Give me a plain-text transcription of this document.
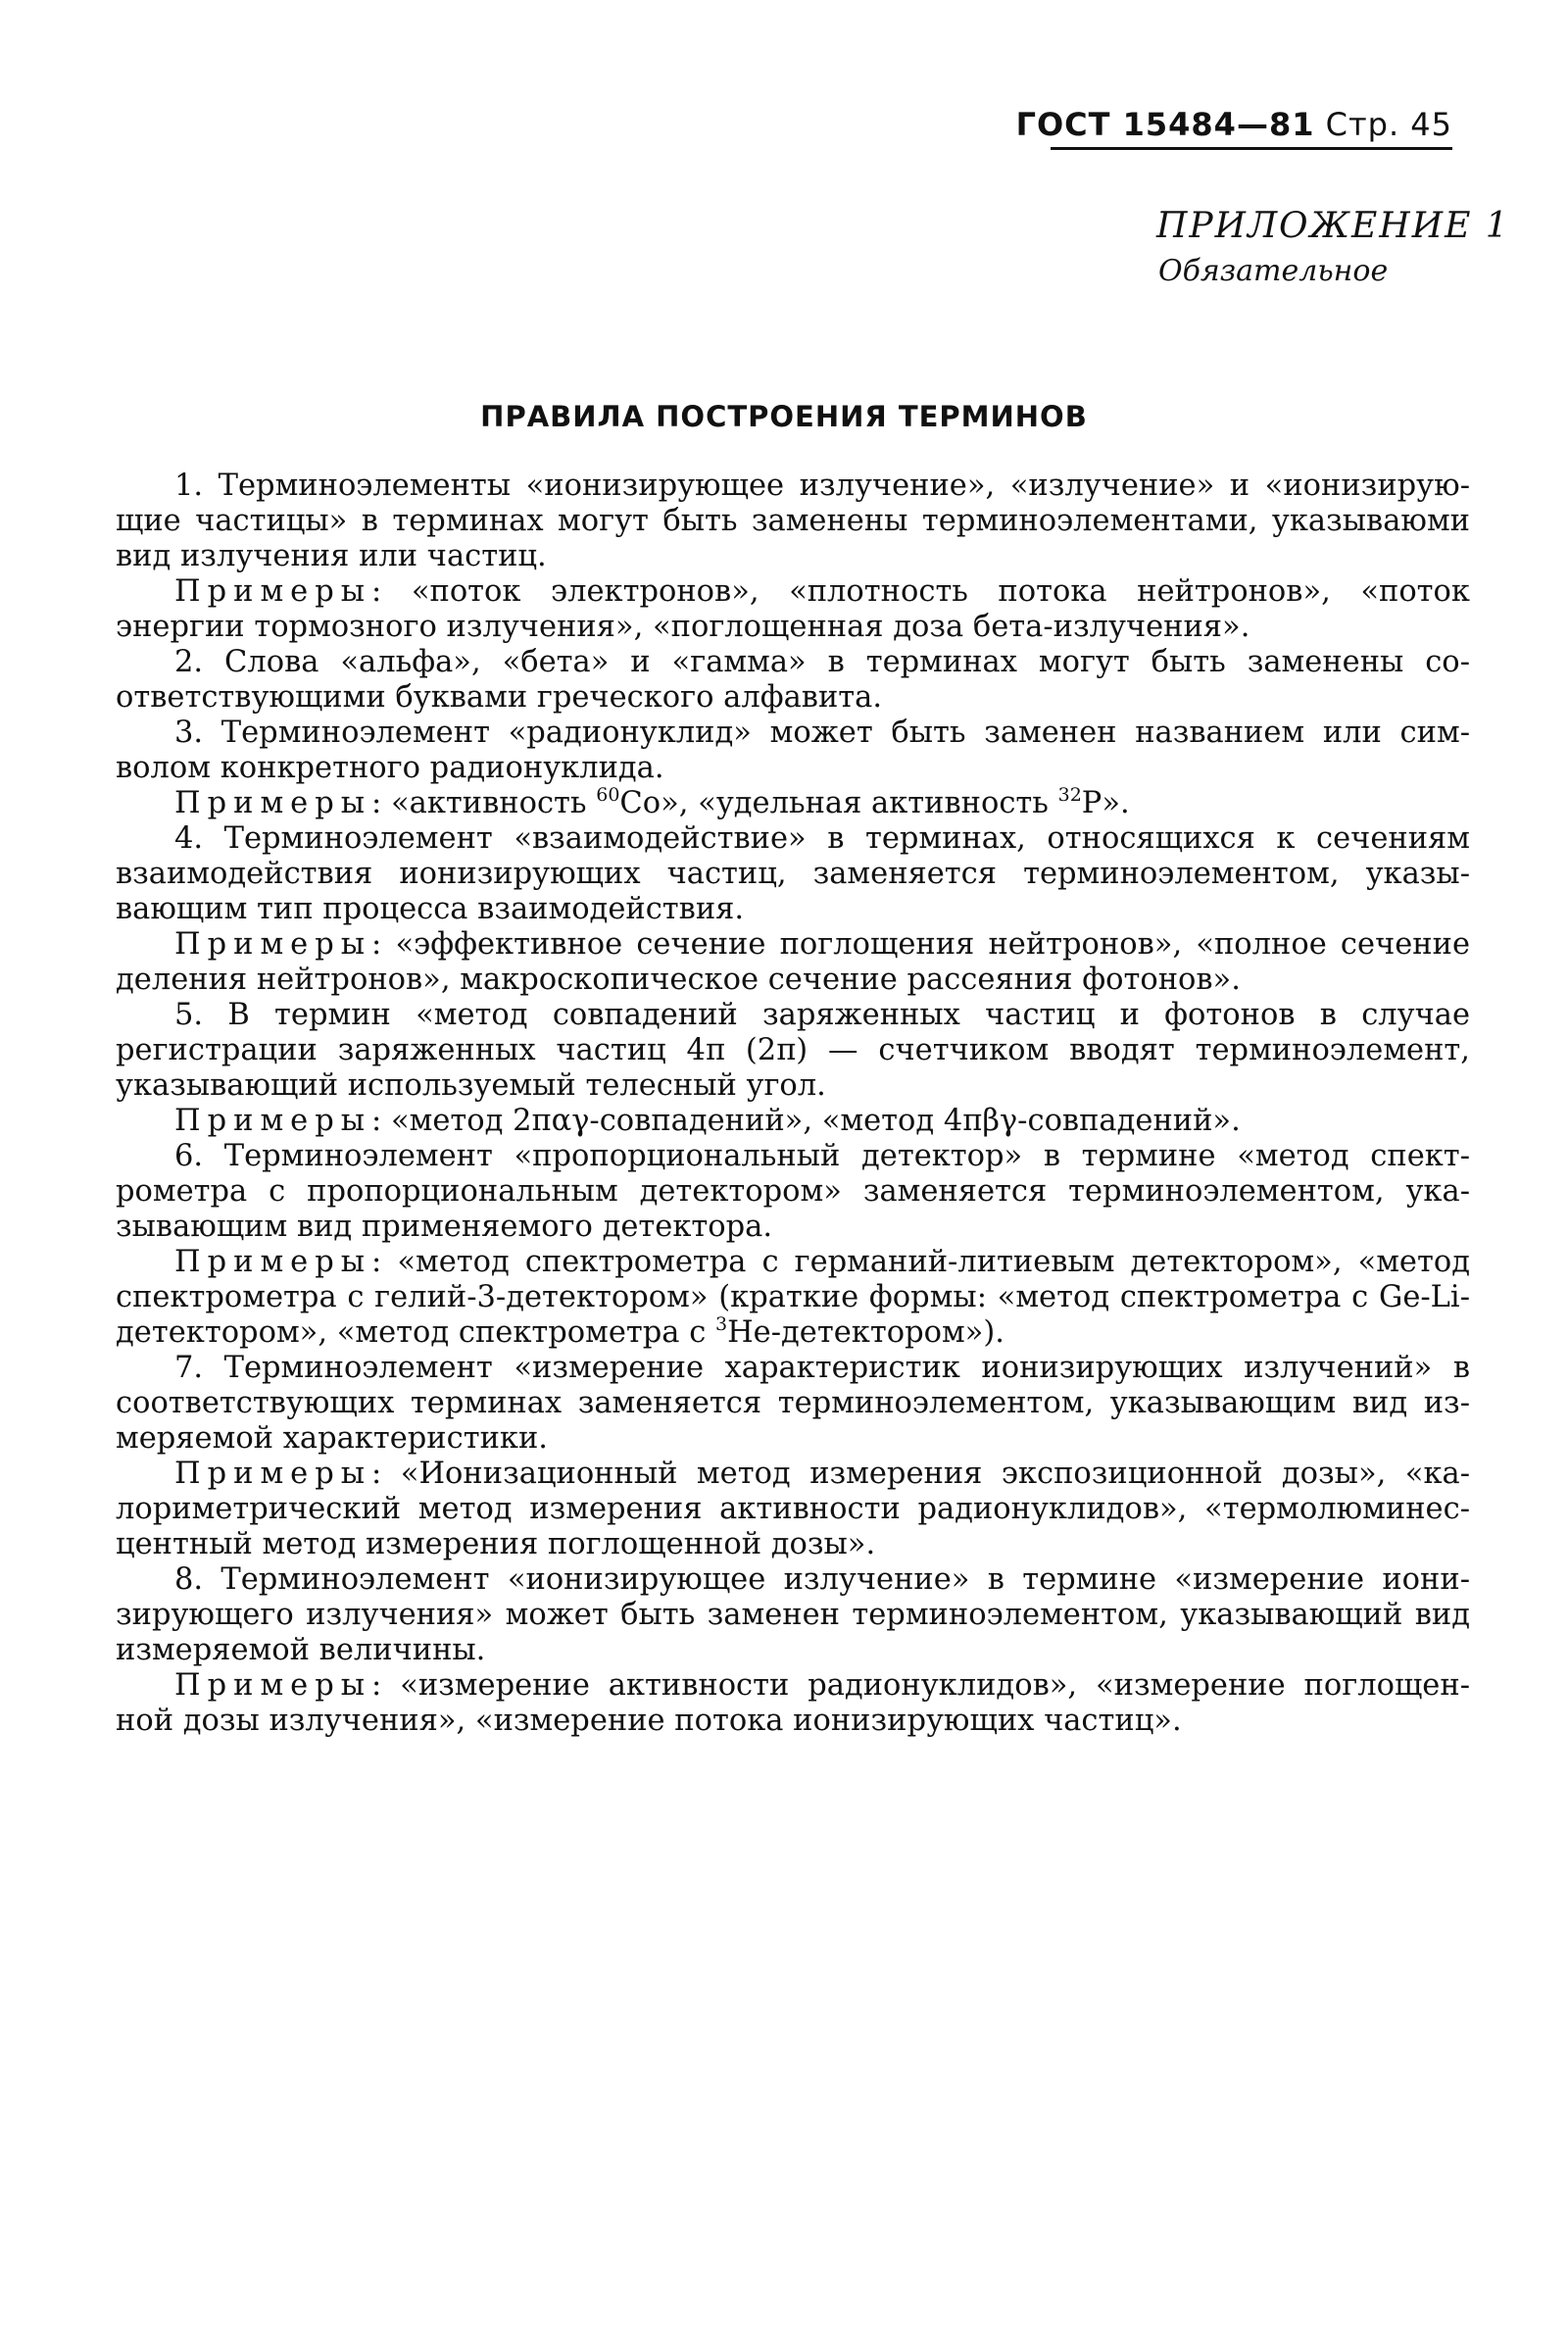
ГОСТ 15484—81 Стр. 45
ПРИЛОЖЕНИЕ 1
Обязательное
ПРАВИЛА ПОСТРОЕНИЯ ТЕРМИНОВ

1. Терминоэлементы «ионизирующее излучение», «излучение» и «ионизирующие частицы» в терминах могут быть заменены терминоэлементами, указываюми вид излучения или частиц.

Примеры: «поток электронов», «плотность потока нейтронов», «поток энергии тормозного излучения», «поглощенная доза бета-излучения».

2. Слова «альфа», «бета» и «гамма» в терминах могут быть заменены соответствующими буквами греческого алфавита.

3. Терминоэлемент «радионуклид» может быть заменен названием или символом конкретного радионуклида.

Примеры: «активность $^{60}$Со», «удельная активность $^{32}$Р».

4. Терминоэлемент «взаимодействие» в терминах, относящихся к сечениям взаимодействия ионизирующих частиц, заменяется терминоэлементом, указывающим тип процесса взаимодействия.

Примеры: «эффективное сечение поглощения нейтронов», «полное сечение деления нейтронов», макроскопическое сечение рассеяния фотонов».

5. В термин «метод совпадений заряженных частиц и фотонов в случае регистрации заряженных частиц 4π (2π) — счетчиком вводят терминоэлемент, указывающий используемый телесный угол.

Примеры: «метод 2παγ-совпадений», «метод 4πβγ-совпадений».

6. Терминоэлемент «пропорциональный детектор» в термине «метод спектрометра с пропорциональным детектором» заменяется терминоэлементом, указывающим вид применяемого детектора.

Примеры: «метод спектрометра с германий-литиевым детектором», «метод спектрометра с гелий-3-детектором» (краткие формы: «метод спектрометра с Ge-Li-детектором», «метод спектрометра с $^3$Не-детектором»).

7. Терминоэлемент «измерение характеристик ионизирующих излучений» в соответствующих терминах заменяется терминоэлементом, указывающим вид измеряемой характеристики.

Примеры: «Ионизационный метод измерения экспозиционной дозы», «калориметрический метод измерения активности радионуклидов», «термолюминесцентный метод измерения поглощенной дозы».

8. Терминоэлемент «ионизирующее излучение» в термине «измерение ионизирующего излучения» может быть заменен терминоэлементом, указывающий вид измеряемой величины.

Примеры: «измерение активности радионуклидов», «измерение поглощенной дозы излучения», «измерение потока ионизирующих частиц».
